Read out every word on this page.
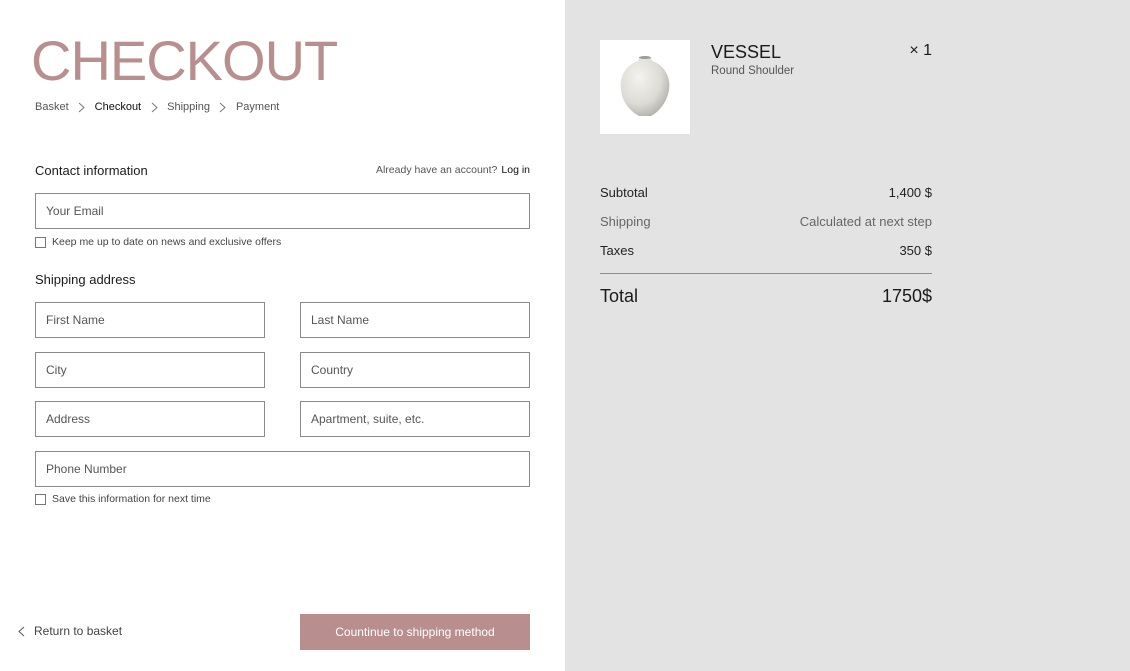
CHECKOUT
Basket Checkout Shipping Payment
Contact information	Already have an account? Log in
Your Email
Keep me up to date on news and exclusive offers
Shipping address
First Name	Last Name
City	Country
Address	Apartment, suite, etc.
Phone Number
Save this information for next time
Return to basket	Countinue to shipping method
VESSEL
Round Shoulder
× 1
Subtotal	1,400 $
Shipping	Calculated at next step
Taxes	350 $
Total	1750$
